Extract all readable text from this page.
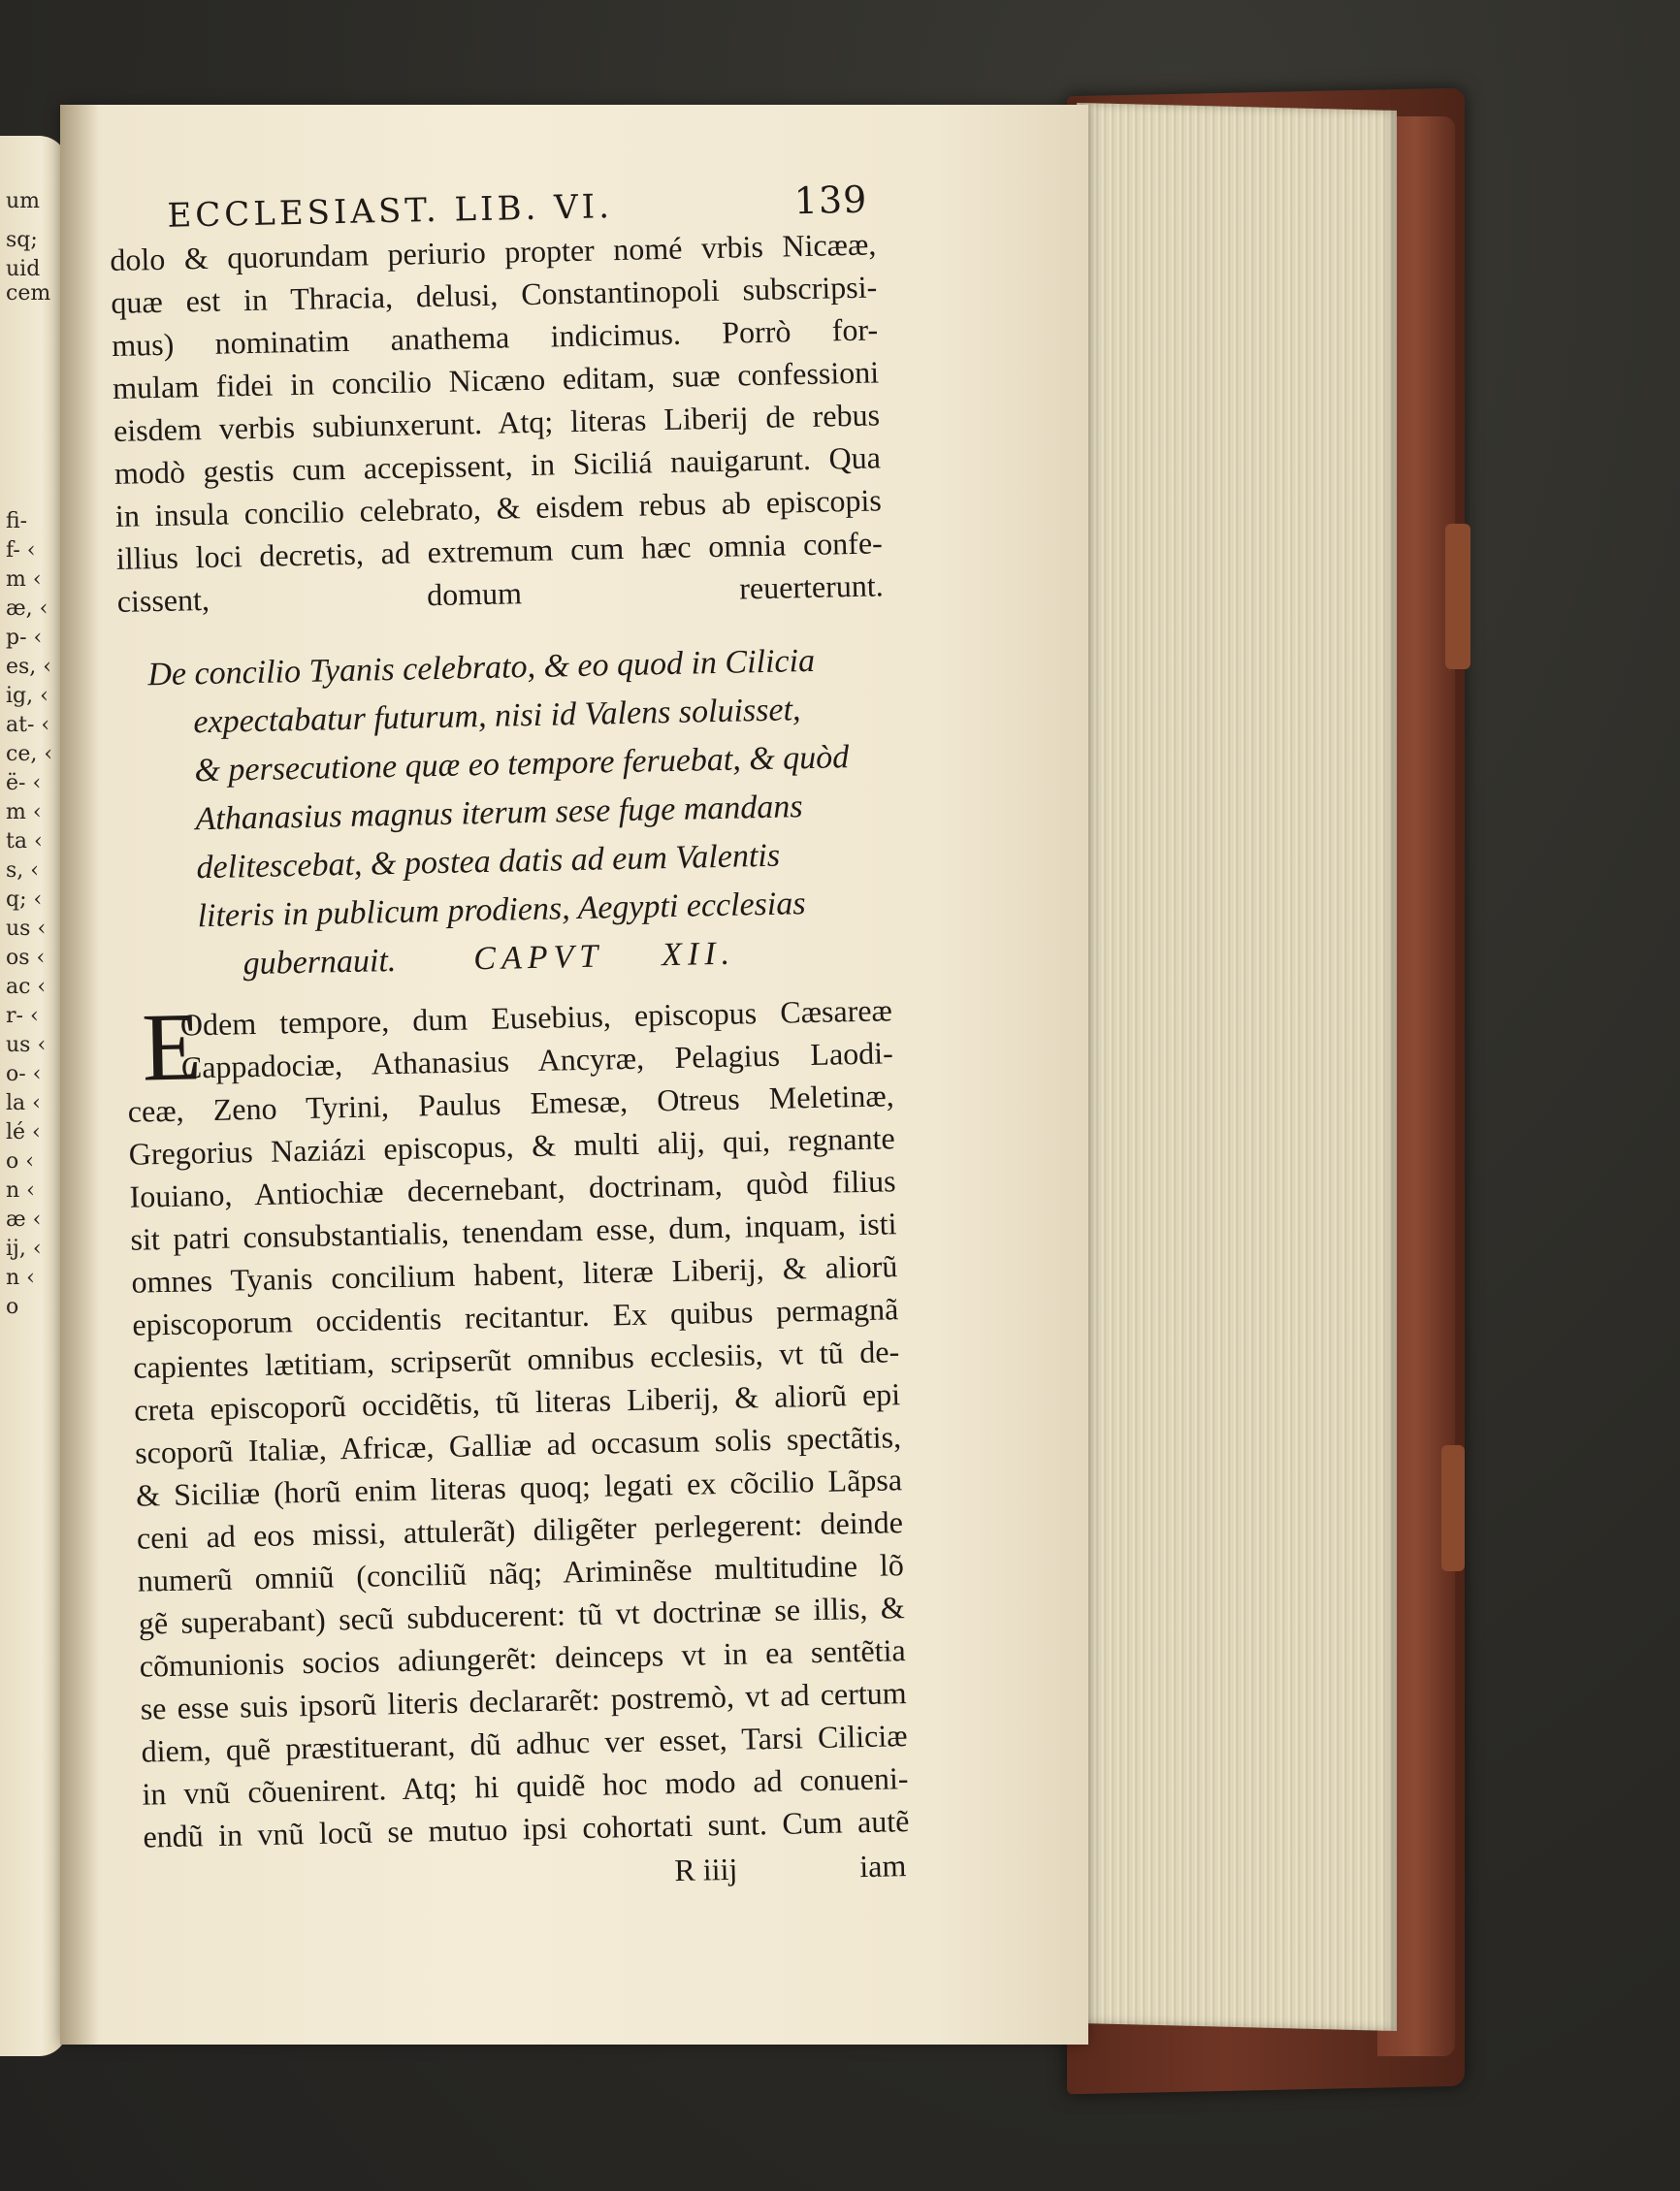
um
sq;
uid
cem
fi-
f- ‹
m ‹
æ, ‹
p- ‹
es, ‹
ig, ‹
at- ‹
ce, ‹
ë- ‹
m ‹
ta ‹
s, ‹
q; ‹
us ‹
os ‹
ac ‹
r- ‹
us ‹
o- ‹
la ‹
lé ‹
o ‹
n ‹
æ ‹
ij, ‹
n ‹
o
ECCLESIAST. LIB. VI.	139
dolo & quorundam periurio propter nomé vrbis Nicææ,
quæ est in Thracia, delusi, Constantinopoli subscripsi-
mus) nominatim anathema indicimus. Porrò for-
mulam fidei in concilio Nicæno editam, suæ confessioni
eisdem verbis subiunxerunt. Atq; literas Liberij de rebus
modò gestis cum accepissent, in Siciliá nauigarunt. Qua
in insula concilio celebrato, & eisdem rebus ab episcopis
illius loci decretis, ad extremum cum hæc omnia confe-
cissent, domum reuerterunt.
De concilio Tyanis celebrato, & eo quod in Cilicia
expectabatur futurum, nisi id Valens soluisset,
& persecutione quæ eo tempore feruebat, & quòd
Athanasius magnus iterum sese fuge mandans
delitescebat, & postea datis ad eum Valentis
literis in publicum prodiens, Aegypti ecclesias
gubernauit. CAPVT XII.
E
Odem tempore, dum Eusebius, episcopus Cæsareæ
Cappadociæ, Athanasius Ancyræ, Pelagius Laodi-
ceæ, Zeno Tyrini, Paulus Emesæ, Otreus Meletinæ,
Gregorius Naziázi episcopus, & multi alij, qui, regnante
Iouiano, Antiochiæ decernebant, doctrinam, quòd filius
sit patri consubstantialis, tenendam esse, dum, inquam, isti
omnes Tyanis concilium habent, literæ Liberij, & aliorũ
episcoporum occidentis recitantur. Ex quibus permagnã
capientes lætitiam, scripserũt omnibus ecclesiis, vt tũ de-
creta episcoporũ occidẽtis, tũ literas Liberij, & aliorũ epi
scoporũ Italiæ, Africæ, Galliæ ad occasum solis spectãtis,
& Siciliæ (horũ enim literas quoq; legati ex cõcilio Lãpsa
ceni ad eos missi, attulerãt) diligẽter perlegerent: deinde
numerũ omniũ (conciliũ nãq; Ariminẽse multitudine lõ
gẽ superabant) secũ subducerent: tũ vt doctrinæ se illis, &
cõmunionis socios adiungerẽt: deinceps vt in ea sentẽtia
se esse suis ipsorũ literis declararẽt: postremò, vt ad certum
diem, quẽ præstituerant, dũ adhuc ver esset, Tarsi Ciliciæ
in vnũ cõuenirent. Atq; hi quidẽ hoc modo ad conueni-
endũ in vnũ locũ se mutuo ipsi cohortati sunt. Cum autẽ
R iiij	iam
